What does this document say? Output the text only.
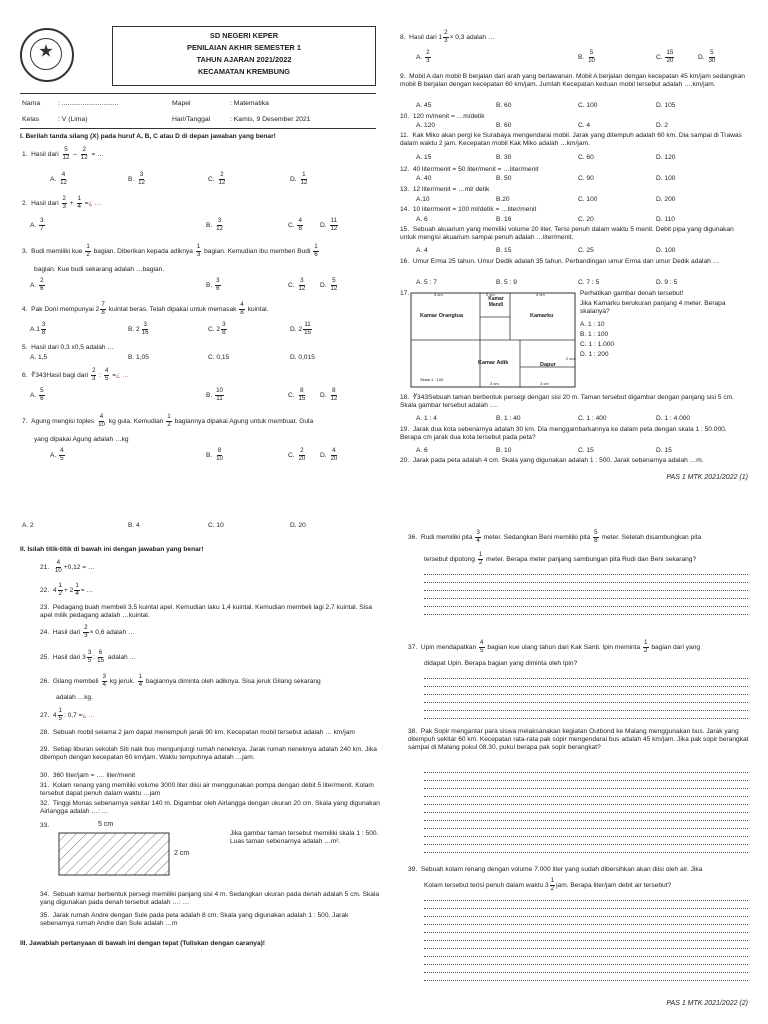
SD NEGERI KEPER
PENILAIAN AKHIR SEMESTER 1
TAHUN AJARAN 2021/2022
KECAMATAN KREMBUNG
Nama	: ..............................	Mapel	: Matematika
Kelas	: V (Lima)	Hari/Tanggal	: Kamis, 9 Desember 2021
I. Berilah tanda silang (X) pada huruf A, B, C atau D di depan jawaban yang benar!
1. Hasil dari $\frac{5}{12} - \frac{2}{12}$ = …
A. $\frac{4}{12}$	B. $\frac{3}{12}$	C. $\frac{2}{12}$	D. $\frac{1}{12}$
2. Hasil dari $\frac{2}{3} + \frac{1}{4}$ =¿ …
A. $\frac{3}{7}$	B. $\frac{3}{12}$	C. $\frac{4}{8}$	D. $\frac{11}{12}$
3. Budi memiliki kue $\frac{1}{2}$ bagian. Diberikan kepada adiknya $\frac{1}{3}$ bagian. Kemudian ibu memberi Budi $\frac{1}{6}$
bagian. Kue budi sekarang adalah …bagian.
A. $\frac{2}{6}$	B. $\frac{3}{6}$	C. $\frac{3}{12} D$. $\frac{5}{12}$
4. Pak Doni mempunyai $2 \frac{7}{8}$ kuintal beras. Telah dipakai untuk memasak $\frac{4}{8}$ kuintal.
$A.1 \frac{3}{8}$	B. $2 \frac{3}{16}$	C. $2 \frac{3}{8}$	D. $2 \frac{11}{15}$
5. Hasil dari 0,3 x0,5 adalah …
A. 1,5	B. 1,05	C. 0,15	D. 0,015
6. ∛343Hasil bagi dari $\frac{2}{3}$ : $\frac{4}{5}$ =¿ …
A. $\frac{5}{6}$	B. $\frac{10}{11}$	C. $\frac{8}{15} D$. $\frac{8}{12}$
7. Agung mengisi toples $\frac{4}{10}$ kg gula. Kemudian $\frac{1}{2}$ bagiannya dipakai Agung untuk membuat. Gula
yang dipakai Agung adalah …kg
A. $\frac{4}{5}$	B. $\frac{8}{10}$	C. $\frac{2}{20} D$. $\frac{4}{20}$
8. Hasil dari $1 \frac{2}{3} \times 0,3$ adalah …
A. $\frac{2}{3}$	B. $\frac{5}{10}$	C. $\frac{15}{20}$	D. $\frac{5}{30}$
9. Mobil A dan mobil B berjalan dari arah yang berlawanan. Mobil A berjalan dengan kecepatan 45 km/jam sedangkan mobil B berjalan dengan kecepatan 60 km/jam. Jumlah Kecepatan keduan mobil tersebut adalah ….km/jam.
A. 45	B. 60	C. 100	D. 105
10. 120 m/menit = …m/detik
A. 120	B. 60	C. 4	D. 2
11. Kak Miko akan pergi ke Surabaya mengendarai mobil. Jarak yang ditempuh adalah 60 km. Dia sampai di Trawas dalam waktu 2 jam. Kecepatan mobil Kak Miko adalah …km/jam.
A. 15	B. 30	C. 60	D. 120
12. 40 liter/menit = 50 liter/menit = …liter/menit
A. 40	B. 50	C. 90	D. 100
13. 12 liter/menit = …ml/ detik
A.10	B.20	C. 100	D. 200
14. 10 liter/menit = 100 ml/detik = …liter/menit
A. 6	B. 16	C. 20	D. 110
15. Sebuah akuarium yang memiliki volume 20 liter. Terisi penuh dalam waktu 5 menit. Debit pipa yang digunakan untuk mengisi akuarium sampai penuh adalah …liter/menit.
A. 4	B. 15	C. 25	D. 100
16. Umur Erma 25 tahun. Umur Dedik adalah 35 tahun. Perbandingan umur Erma dan umur Dedik adalah …
A. 5 : 7	B. 5 : 9	C. 7 : 5	D. 9 : 5
17.
Kamar Orangtua
Kamar Mandi
Kamarku
Kamar Adik	Dapur
Skala 1 : 100
4 cm	2 cm	4 cm
3 cm
2 cm
3 cm
Perhatikan gambar denah tersebut!
Jika Kamarku berukuran panjang 4 meter. Berapa skalanya?
A. 1 : 10
B. 1 : 100
C. 1 : 1.000
D. 1 : 200
18. ∛343Sebuah taman berbentuk persegi dengan sisi 20 m. Taman tersebut digambar dengan panjang sisi 5 cm. Skala gambar tersebut adalah ….
A. 1 : 4	B. 1 : 40	C. 1 : 400	D. 1 : 4.000
19. Jarak dua kota sebenarnya adalah 30 km. Dia menggambarkannya ke dalam peta dengan skala 1 : 50.000. Berapa cm jarak dua kota tersebut pada peta?
A. 6	B. 10	C. 15	D. 15
20. Jarak pada peta adalah 4 cm. Skala yang digunakan adalah 1 : 500. Jarak sebenarnya adalah …m.
PAS 1 MTK 2021/2022 (1)
A. 2	B. 4	C. 10	D. 20
II. Isilah titik-titik di bawah ini dengan jawaban yang benar!
21. $\frac{4}{10} +0,12$ = …
22. $4 \frac{1}{2} + 2 \frac{1}{4}$ = …
23. Pedagang buah membeli 3,5 kuintal apel. Kemudian laku 1,4 kuintal. Kemudian membeli lagi 2,7 kuintal. Sisa apel milik pedagang adalah …kuintal.
24. Hasil dari $\frac{2}{3} \times 0,6$ adalah …
25. Hasil dari $3 \frac{3}{5}$ : $\frac{6}{15}$ adalah …
26. Gilang membeli $\frac{3}{4}$ kg jeruk. $\frac{1}{4}$ bagiannya diminta oleh adiknya. Sisa jeruk Gilang sekarang
adalah …kg.
27. $4 \frac{1}{5}$ : 0,7 =¿ …
28. Sebuah mobil selama 2 jam dapat menempuh jarak 90 km. Kecepatan mobil tersebut adalah … km/jam
29. Setiap liburan sekolah Siti naik bus mengunjungi rumah neneknya. Jarak rumah neneknya adalah 240 km. Jika ditempuh dengan kecepatan 60 km/jam. Waktu tempuhnya adalah …jam.
30. 360 liter/jam = …. liter/menit
31. Kolam renang yang memiliki volume 3000 liter diisi air menggunakan pompa dengan debit 5 liter/menit. Kolam tersebut dapat penuh dalam waktu …jam
32. Tinggi Monas sebenarnya sekitar 140 m. Digambar oleh Airlangga dengan ukuran 20 cm. Skala yang digunakan Airlangga adalah …: …
33.	5 cm
2 cm
Jika gambar taman tersebut memiliki skala 1 : 500. Luas taman sebenarnya adalah …m².
34. Sebuah kamar berbentuk persegi memiliki panjang sisi 4 m. Sedangkan ukuran pada denah adalah 5 cm. Skala yang digunakan pada denah tersebut adalah …: …
35. Jarak rumah Andre dengan Sule pada peta adalah 8 cm. Skala yang digunakan adalah 1 : 500. Jarak sebenarnya rumah Andre dan Sule adalah …m
III. Jawablah pertanyaan di bawah ini dengan tepat (Tuliskan dengan caranya)!
36. Rudi memiliki pita $\frac{3}{4}$ meter. Sedangkan Beni memiliki pita $\frac{5}{8}$ meter. Setelah disambungkan pita
tersebut dipotong $\frac{1}{2}$ meter. Berapa meter panjang sambungan pita Rudi dan Beni sekarang?
37. Upin mendapatkan $\frac{4}{5}$ bagian kue ulang tahun dari Kak Santi. Ipin meminta $\frac{1}{2}$ bagian dari yang
didapat Upin. Berapa bagian yang diminta oleh Ipin?
38. Pak Sopir mengantar para siswa melaksanakan kegiatan Outbond ke Malang menggunakan bus. Jarak yang ditempuh sekitar 60 km. Kecepatan rata-rata pak sopir mengendarai bus adalah 45 km/jam. Jika pak sopir berangkat sampai di Malang pukul 08.30, pukul berapa pak sopir berangkat?
39. Sebuah kolam renang dengan volume 7.000 liter yang sudah dibersihkan akan diisi oleh air. Jika
Kolam tersebut terisi penuh dalam waktu $3 \frac{1}{2}$ jam. Berapa liter/jam debit air tersebut?
PAS 1 MTK 2021/2022 (2)
